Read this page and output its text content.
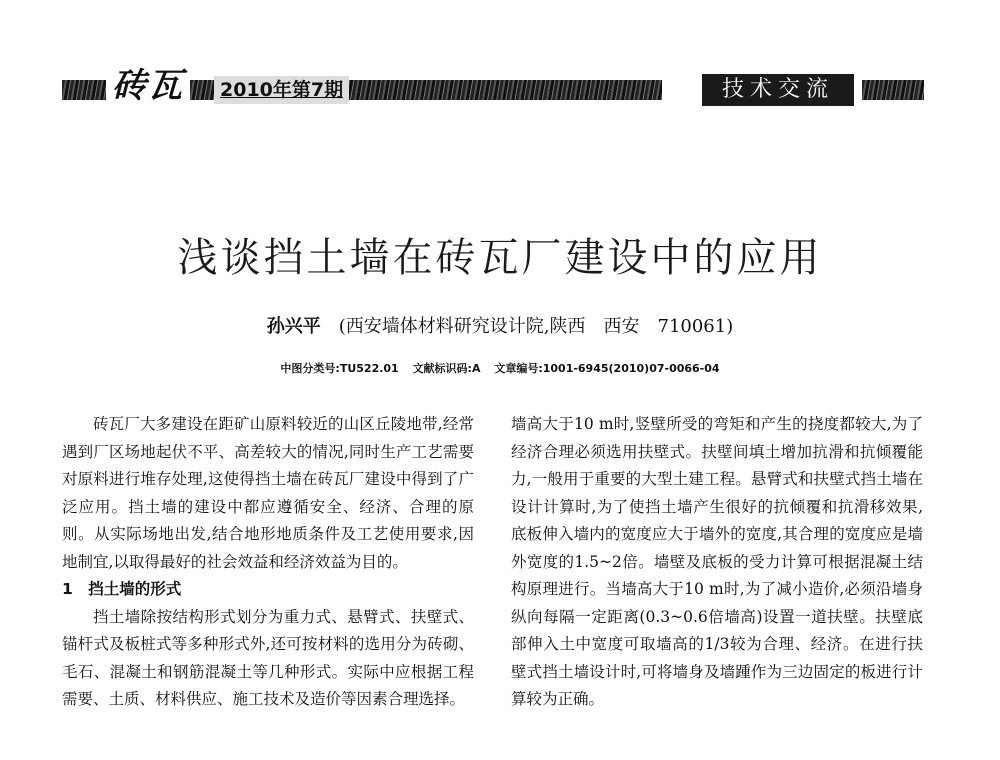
砖瓦	2010年第7期	技术交流
浅谈挡土墙在砖瓦厂建设中的应用
孙兴平 (西安墙体材料研究设计院,陕西　西安　710061)
中图分类号:TU522.01 文献标识码:A 文章编号:1001-6945(2010)07-0066-04

砖瓦厂大多建设在距矿山原料较近的山区丘陵地带,经常遇到厂区场地起伏不平、高差较大的情况,同时生产工艺需要对原料进行堆存处理,这使得挡土墙在砖瓦厂建设中得到了广泛应用。挡土墙的建设中都应遵循安全、经济、合理的原则。从实际场地出发,结合地形地质条件及工艺使用要求,因地制宜,以取得最好的社会效益和经济效益为目的。

1　挡土墙的形式

挡土墙除按结构形式划分为重力式、悬臂式、扶壁式、锚杆式及板桩式等多种形式外,还可按材料的选用分为砖砌、毛石、混凝土和钢筋混凝土等几种形式。实际中应根据工程需要、土质、材料供应、施工技术及造价等因素合理选择。

墙高大于10 m时,竖壁所受的弯矩和产生的挠度都较大,为了经济合理必须选用扶壁式。扶壁间填土增加抗滑和抗倾覆能力,一般用于重要的大型土建工程。悬臂式和扶壁式挡土墙在设计计算时,为了使挡土墙产生很好的抗倾覆和抗滑移效果,底板伸入墙内的宽度应大于墙外的宽度,其合理的宽度应是墙外宽度的1.5~2倍。墙壁及底板的受力计算可根据混凝土结构原理进行。当墙高大于10 m时,为了减小造价,必须沿墙身纵向每隔一定距离(0.3~0.6倍墙高)设置一道扶壁。扶壁底部伸入土中宽度可取墙高的1/3较为合理、经济。在进行扶壁式挡土墙设计时,可将墙身及墙踵作为三边固定的板进行计算较为正确。
